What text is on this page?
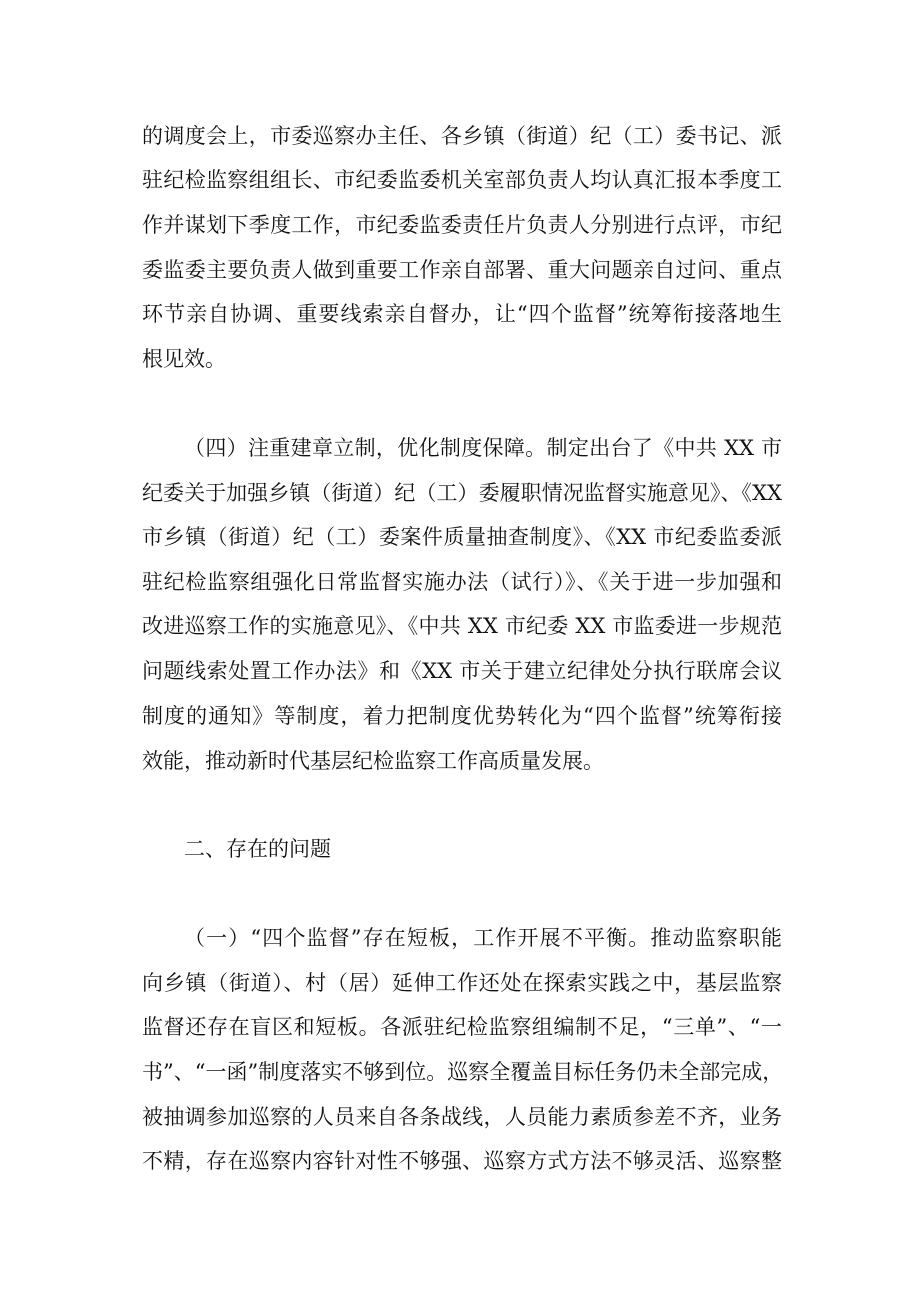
的调度会上，市委巡察办主任、各乡镇（街道）纪（工）委书记、派
驻纪检监察组组长、市纪委监委机关室部负责人均认真汇报本季度工
作并谋划下季度工作，市纪委监委责任片负责人分别进行点评，市纪
委监委主要负责人做到重要工作亲自部署、重大问题亲自过问、重点
环节亲自协调、重要线索亲自督办，让“四个监督”统筹衔接落地生
根见效。
（四）注重建章立制，优化制度保障。制定出台了《中共 XX 市
纪委关于加强乡镇（街道）纪（工）委履职情况监督实施意见》、《XX
市乡镇（街道）纪（工）委案件质量抽查制度》、《XX 市纪委监委派
驻纪检监察组强化日常监督实施办法（试行）》、《关于进一步加强和
改进巡察工作的实施意见》、《中共 XX 市纪委 XX 市监委进一步规范
问题线索处置工作办法》和《XX 市关于建立纪律处分执行联席会议
制度的通知》等制度，着力把制度优势转化为“四个监督”统筹衔接
效能，推动新时代基层纪检监察工作高质量发展。
二、存在的问题
（一）“四个监督”存在短板，工作开展不平衡。推动监察职能
向乡镇（街道）、村（居）延伸工作还处在探索实践之中，基层监察
监督还存在盲区和短板。各派驻纪检监察组编制不足，“三单”、“一
书”、“一函”制度落实不够到位。巡察全覆盖目标任务仍未全部完成，
被抽调参加巡察的人员来自各条战线，人员能力素质参差不齐，业务
不精，存在巡察内容针对性不够强、巡察方式方法不够灵活、巡察整
